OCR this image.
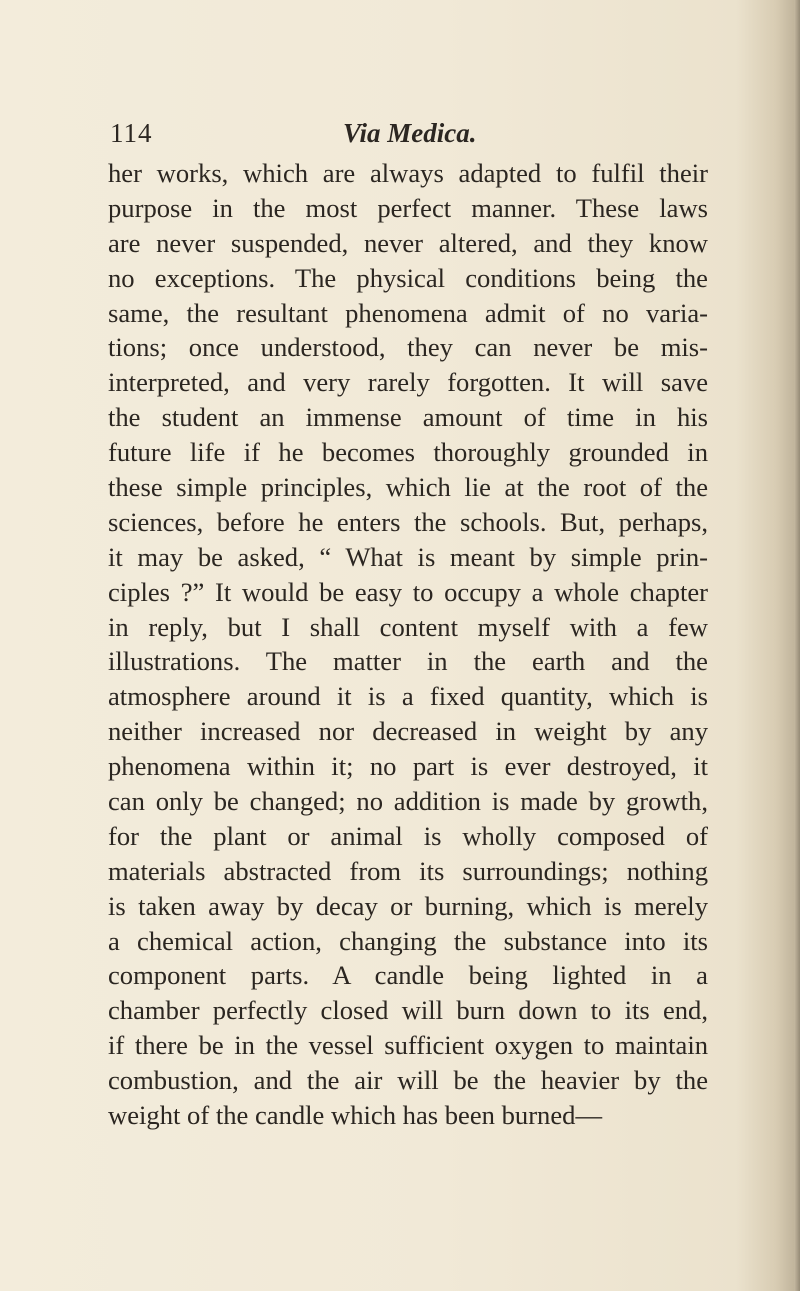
114	Via Medica.
her works, which are always adapted to fulfil their
purpose in the most perfect manner. These laws
are never suspended, never altered, and they know
no exceptions. The physical conditions being the
same, the resultant phenomena admit of no varia-
tions; once understood, they can never be mis-
interpreted, and very rarely forgotten. It will save
the student an immense amount of time in his
future life if he becomes thoroughly grounded in
these simple principles, which lie at the root of the
sciences, before he enters the schools. But, perhaps,
it may be asked, “ What is meant by simple prin-
ciples ?” It would be easy to occupy a whole chapter
in reply, but I shall content myself with a few
illustrations. The matter in the earth and the
atmosphere around it is a fixed quantity, which is
neither increased nor decreased in weight by any
phenomena within it; no part is ever destroyed, it
can only be changed; no addition is made by growth,
for the plant or animal is wholly composed of
materials abstracted from its surroundings; nothing
is taken away by decay or burning, which is merely
a chemical action, changing the substance into its
component parts. A candle being lighted in a
chamber perfectly closed will burn down to its end,
if there be in the vessel sufficient oxygen to maintain
combustion, and the air will be the heavier by the
weight of the candle which has been burned—
